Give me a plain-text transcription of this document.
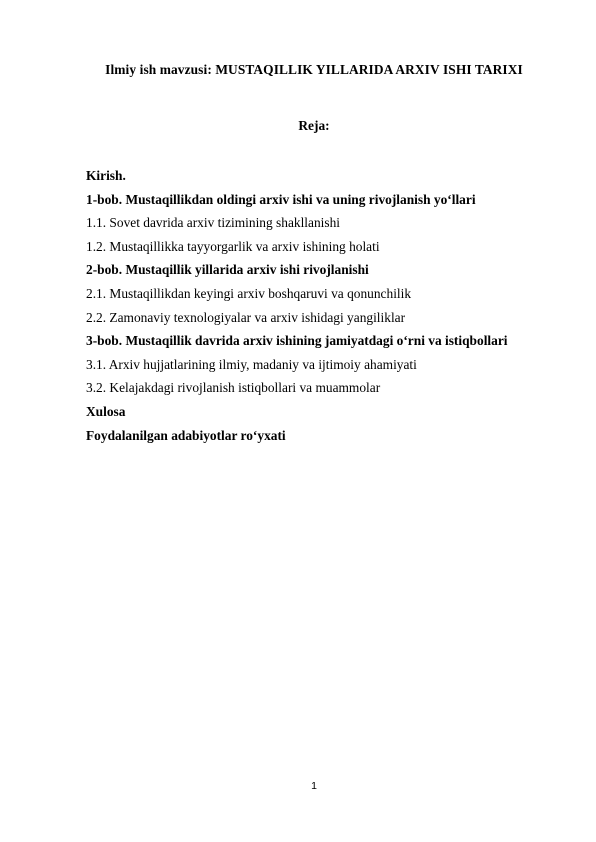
Ilmiy ish mavzusi: MUSTAQILLIK YILLARIDA ARXIV ISHI TARIXI
Reja:
Kirish.
1-bob. Mustaqillikdan oldingi arxiv ishi va uning rivojlanish yo‘llari
1.1. Sovet davrida arxiv tizimining shakllanishi
1.2. Mustaqillikka tayyorgarlik va arxiv ishining holati
2-bob. Mustaqillik yillarida arxiv ishi rivojlanishi
2.1. Mustaqillikdan keyingi arxiv boshqaruvi va qonunchilik
2.2. Zamonaviy texnologiyalar va arxiv ishidagi yangiliklar
3-bob. Mustaqillik davrida arxiv ishining jamiyatdagi o‘rni va istiqbollari
3.1. Arxiv hujjatlarining ilmiy, madaniy va ijtimoiy ahamiyati
3.2. Kelajakdagi rivojlanish istiqbollari va muammolar
Xulosa
Foydalanilgan adabiyotlar ro‘yxati
1
